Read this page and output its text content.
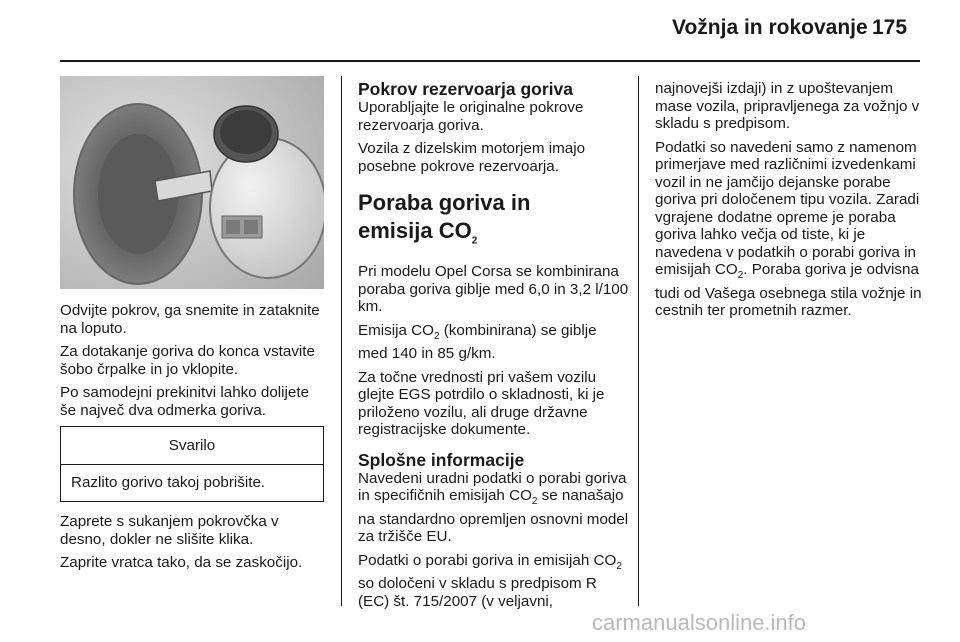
Vožnja in rokovanje 175

Odvijte pokrov, ga snemite in zataknite na loputo.

Za dotakanje goriva do konca vstavite šobo črpalke in jo vklopite.

Po samodejni prekinitvi lahko dolijete še največ dva odmerka goriva.

Svarilo
Razlito gorivo takoj pobrišite.

Zaprete s sukanjem pokrovčka v desno, dokler ne slišite klika.

Zaprite vratca tako, da se zaskočijo.

Pokrov rezervoarja goriva

Uporabljajte le originalne pokrove rezervoarja goriva.

Vozila z dizelskim motorjem imajo posebne pokrove rezervoarja.

Poraba goriva in
emisija $CO_2$

Pri modelu Opel Corsa se kombinirana poraba goriva giblje med 6,0 in 3,2 l/100 km.

Emisija $CO_2$ (kombinirana) se giblje med 140 in 85 g/km.

Za točne vrednosti pri vašem vozilu glejte EGS potrdilo o skladnosti, ki je priloženo vozilu, ali druge državne registracijske dokumente.

Splošne informacije

Navedeni uradni podatki o porabi goriva in specifičnih emisijah $CO_2$ se nanašajo na standardno opremljen osnovni model za tržišče EU.

Podatki o porabi goriva in emisijah $CO_2$ so določeni v skladu s predpisom R (EC) št. 715/2007 (v veljavni,

najnovejši izdaji) in z upoštevanjem mase vozila, pripravljenega za vožnjo v skladu s predpisom.

Podatki so navedeni samo z namenom primerjave med različnimi izvedenkami vozil in ne jamčijo dejanske porabe goriva pri določenem tipu vozila. Zaradi vgrajene dodatne opreme je poraba goriva lahko večja od tiste, ki je navedena v podatkih o porabi goriva in emisijah $CO_2$. Poraba goriva je odvisna tudi od Vašega osebnega stila vožnje in cestnih ter prometnih razmer.

carmanualsonline.info
